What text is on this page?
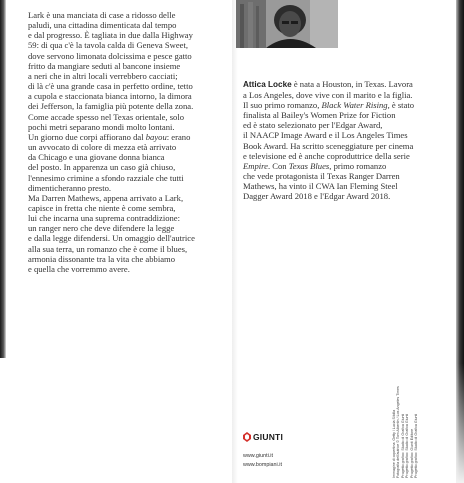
Lark è una manciata di case a ridosso delle

paludi, una cittadina dimenticata dal tempo

e dal progresso. È tagliata in due dalla Highway

59: di qua c'è la tavola calda di Geneva Sweet,

dove servono limonata dolcissima e pesce gatto

fritto da mangiare seduti al bancone insieme

a neri che in altri locali verrebbero cacciati;

di là c'è una grande casa in perfetto ordine, tetto

a cupola e staccionata bianca intorno, la dimora

dei Jefferson, la famiglia più potente della zona.

Come accade spesso nel Texas orientale, solo

pochi metri separano mondi molto lontani.

Un giorno due corpi affiorano dal bayou: erano

un avvocato di colore di mezza età arrivato

da Chicago e una giovane donna bianca

del posto. In apparenza un caso già chiuso,

l'ennesimo crimine a sfondo razziale che tutti

dimenticheranno presto.

Ma Darren Mathews, appena arrivato a Lark,

capisce in fretta che niente è come sembra,

lui che incarna una suprema contraddizione:

un ranger nero che deve difendere la legge

e dalla legge difendersi. Un omaggio dell'autrice

alla sua terra, un romanzo che è come il blues,

armonia dissonante tra la vita che abbiamo

e quella che vorremmo avere.

Attica Locke è nata a Houston, in Texas. Lavora
a Los Angeles, dove vive con il marito e la figlia.
Il suo primo romanzo, Black Water Rising, è stato
finalista al Bailey's Women Prize for Fiction
ed è stato selezionato per l'Edgar Award,
il NAACP Image Award e il Los Angeles Times
Book Award. Ha scritto sceneggiature per cinema
e televisione ed è anche coproduttrice della serie
Empire. Con Texas Blues, primo romanzo
che vede protagonista il Texas Ranger Darren
Mathews, ha vinto il CWA Ian Fleming Steel
Dagger Award 2018 e l'Edgar Award 2018.
Immagine di copertina: Getty / Lucia Sibilla Fotografia dell'autrice © Tom Albertin / Los Angeles Times Progetto grafico: Studio di Grafica Giunti Progetto grafico: Studio di Grafica Giunti Progetto grafico: Giunti Editore Progetto grafico: Studio di Grafica Giunti
GIUNTI
www.giunti.it
www.bompiani.it
